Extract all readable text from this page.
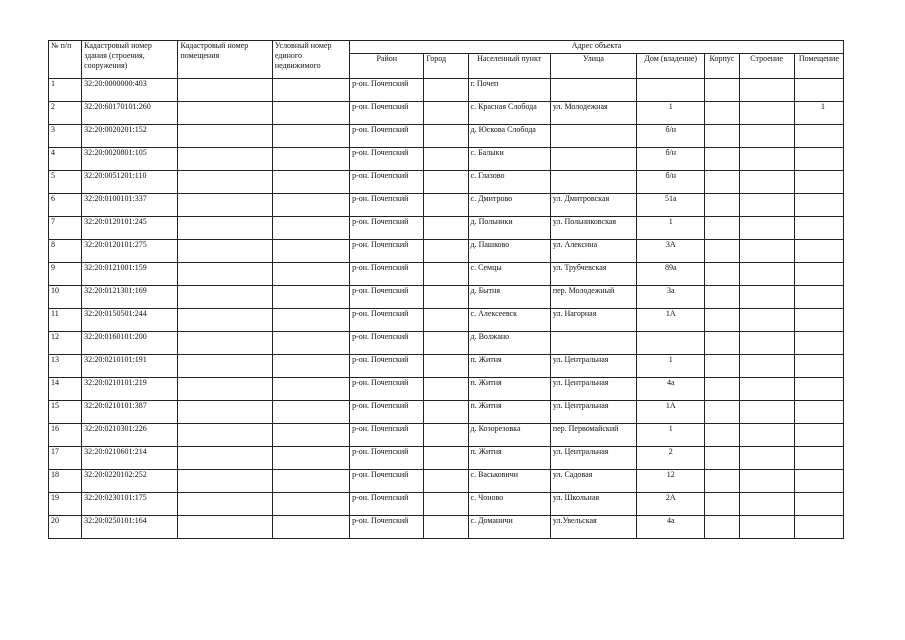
№ п/п	Кадастровый номер здания (строения, сооружения)	Кадастровый номер помещения	Условный номер единого недвижимого	Адрес объекта							
				Район	Город	Населенный пункт	Улица	Дом (владение)	Корпус	Строение	Помещение
1	32:20:0000000:403			р-он. Почепский		г. Почеп					
2	32:20:60170101:260			р-он. Почепский		с. Красная Слобода	ул. Молодежная	1			1
3	32:20:0020201:152			р-он. Почепский		д. Юскова Слобода		б/н			
4	32:20:0020801:105			р-он. Почепский		с. Балыки		б/н			
5	32:20:0051201:110			р-он. Почепский		с. Глазово		б/н			
6	32:20:0100101:337			р-он. Почепский		с. Дмитрово	ул. Дмитровская	51а			
7	32:20:0120101:245			р-он. Почепский		д. Польники	ул. Польниковская	1			
8	32:20:0120101:275			р-он. Почепский		д. Пашково	ул. Алексина	3А			
9	32:20:0121001:159			р-он. Почепский		с. Семцы	ул. Трубчевская	89а			
10	32:20:0121301:169			р-он. Почепский		д. Бытня	пер. Молодежный	3а			
11	32:20:0150501:244			р-он. Почепский		с. Алексеевск	ул. Нагорная	1А			
12	32:20:0160101:200			р-он. Почепский		д. Волжано					
13	32:20:0210101:191			р-он. Почепский		п. Житня	ул. Центральная	1			
14	32:20:0210101:219			р-он. Почепский		п. Житня	ул. Центральная	4а			
15	32:20:0210101:387			р-он. Почепский		п. Житня	ул. Центральная	1А			
16	32:20:0210301:226			р-он. Почепский		д. Козорезовка	пер. Первомайский	1			
17	32:20:0210601:214			р-он. Почепский		п. Житня	ул. Центральная	2			
18	32:20:0220102:252			р-он. Почепский		с. Васьковичи	ул. Садовая	12			
19	32:20:0230101:175			р-он. Почепский		с. Чоново	ул. Школьная	2А			
20	32:20:0250101:164			р-он. Почепский		с. Доманичи	ул.Увельская	4а			
